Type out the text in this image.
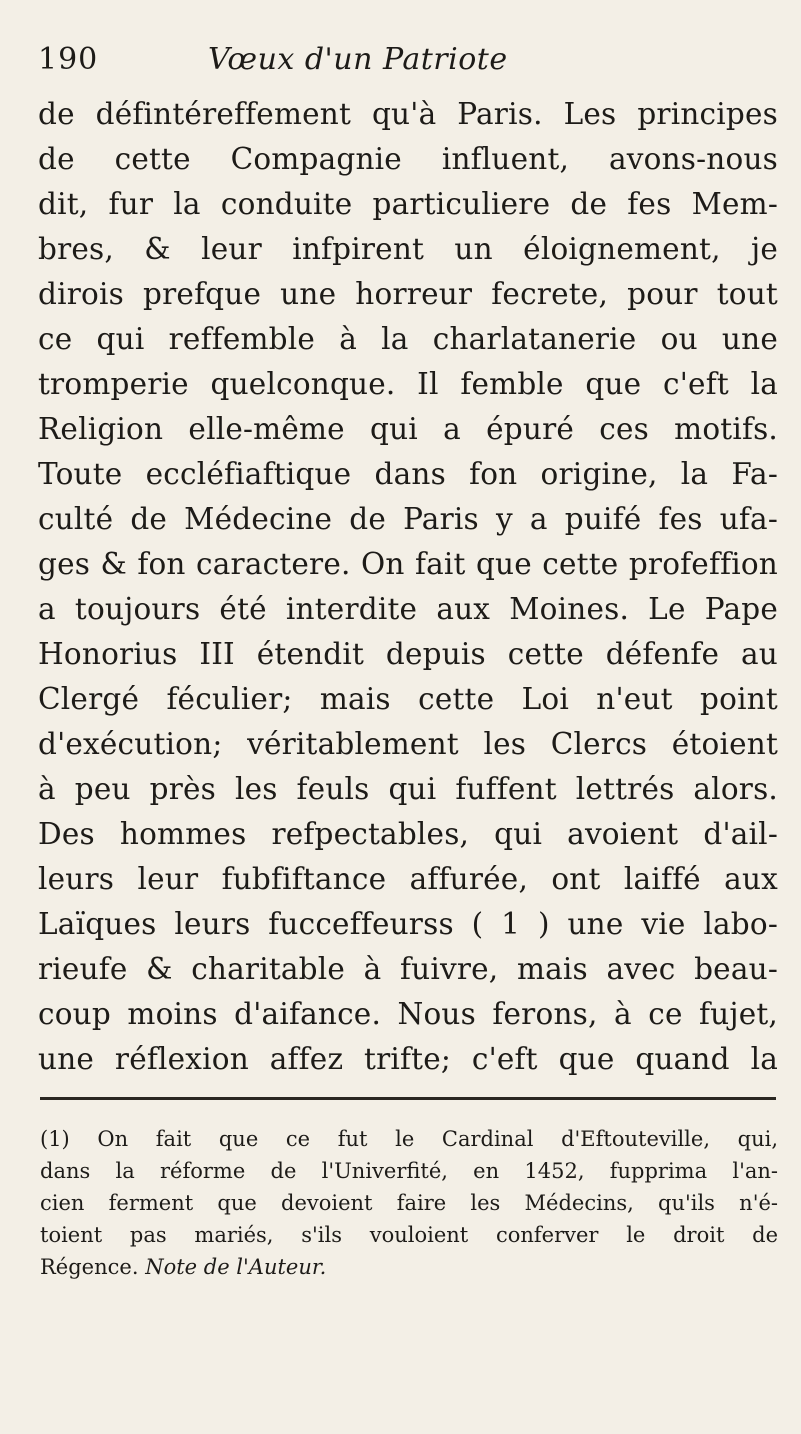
190	Vœux d'un Patriote
de défintéreffement qu'à Paris. Les principes
de cette Compagnie influent, avons-nous
dit, fur la conduite particuliere de fes Mem-
bres, & leur infpirent un éloignement, je
dirois prefque une horreur fecrete, pour tout
ce qui reffemble à la charlatanerie ou une
tromperie quelconque. Il femble que c'eft la
Religion elle-même qui a épuré ces motifs.
Toute eccléfiaftique dans fon origine, la Fa-
culté de Médecine de Paris y a puifé fes ufa-
ges & fon caractere. On fait que cette profeffion
a toujours été interdite aux Moines. Le Pape
Honorius III étendit depuis cette défenfe au
Clergé féculier; mais cette Loi n'eut point
d'exécution; véritablement les Clercs étoient
à peu près les feuls qui fuffent lettrés alors.
Des hommes refpectables, qui avoient d'ail-
leurs leur fubfiftance affurée, ont laiffé aux
Laïques leurs fucceffeurss ( 1 ) une vie labo-
rieufe & charitable à fuivre, mais avec beau-
coup moins d'aifance. Nous ferons, à ce fujet,
une réflexion affez trifte; c'eft que quand la
(1) On fait que ce fut le Cardinal d'Eftouteville, qui,
dans la réforme de l'Univerfité, en 1452, fupprima l'an-
cien ferment que devoient faire les Médecins, qu'ils n'é-
toient pas mariés, s'ils vouloient conferver le droit de
Régence. Note de l'Auteur.
